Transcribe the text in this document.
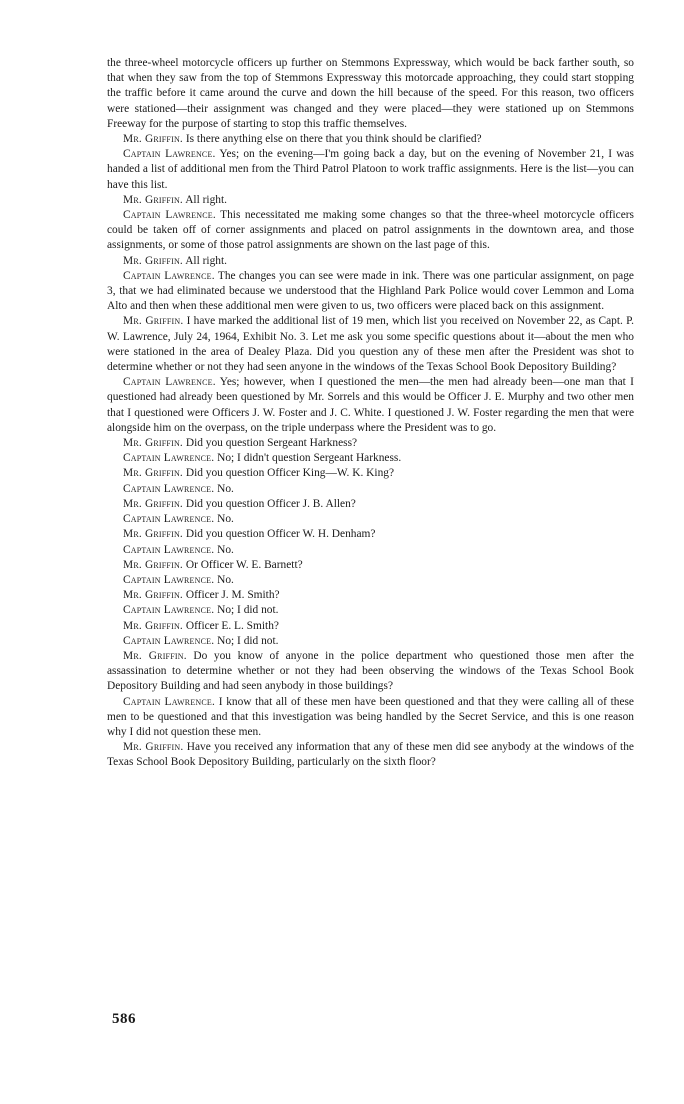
the three-wheel motorcycle officers up further on Stemmons Expressway, which would be back farther south, so that when they saw from the top of Stemmons Expressway this motorcade approaching, they could start stopping the traffic before it came around the curve and down the hill because of the speed. For this reason, two officers were stationed—their assignment was changed and they were placed—they were stationed up on Stemmons Freeway for the purpose of starting to stop this traffic themselves.

Mr. Griffin. Is there anything else on there that you think should be clarified?

Captain Lawrence. Yes; on the evening—I'm going back a day, but on the evening of November 21, I was handed a list of additional men from the Third Patrol Platoon to work traffic assignments. Here is the list—you can have this list.

Mr. Griffin. All right.

Captain Lawrence. This necessitated me making some changes so that the three-wheel motorcycle officers could be taken off of corner assignments and placed on patrol assignments in the downtown area, and those assignments, or some of those patrol assignments are shown on the last page of this.

Mr. Griffin. All right.

Captain Lawrence. The changes you can see were made in ink. There was one particular assignment, on page 3, that we had eliminated because we understood that the Highland Park Police would cover Lemmon and Loma Alto and then when these additional men were given to us, two officers were placed back on this assignment.

Mr. Griffin. I have marked the additional list of 19 men, which list you received on November 22, as Capt. P. W. Lawrence, July 24, 1964, Exhibit No. 3. Let me ask you some specific questions about it—about the men who were stationed in the area of Dealey Plaza. Did you question any of these men after the President was shot to determine whether or not they had seen anyone in the windows of the Texas School Book Depository Building?

Captain Lawrence. Yes; however, when I questioned the men—the men had already been—one man that I questioned had already been questioned by Mr. Sorrels and this would be Officer J. E. Murphy and two other men that I questioned were Officers J. W. Foster and J. C. White. I questioned J. W. Foster regarding the men that were alongside him on the overpass, on the triple underpass where the President was to go.

Mr. Griffin. Did you question Sergeant Harkness?

Captain Lawrence. No; I didn't question Sergeant Harkness.

Mr. Griffin. Did you question Officer King—W. K. King?

Captain Lawrence. No.

Mr. Griffin. Did you question Officer J. B. Allen?

Captain Lawrence. No.

Mr. Griffin. Did you question Officer W. H. Denham?

Captain Lawrence. No.

Mr. Griffin. Or Officer W. E. Barnett?

Captain Lawrence. No.

Mr. Griffin. Officer J. M. Smith?

Captain Lawrence. No; I did not.

Mr. Griffin. Officer E. L. Smith?

Captain Lawrence. No; I did not.

Mr. Griffin. Do you know of anyone in the police department who questioned those men after the assassination to determine whether or not they had been observing the windows of the Texas School Book Depository Building and had seen anybody in those buildings?

Captain Lawrence. I know that all of these men have been questioned and that they were calling all of these men to be questioned and that this investigation was being handled by the Secret Service, and this is one reason why I did not question these men.

Mr. Griffin. Have you received any information that any of these men did see anybody at the windows of the Texas School Book Depository Building, particularly on the sixth floor?

586
